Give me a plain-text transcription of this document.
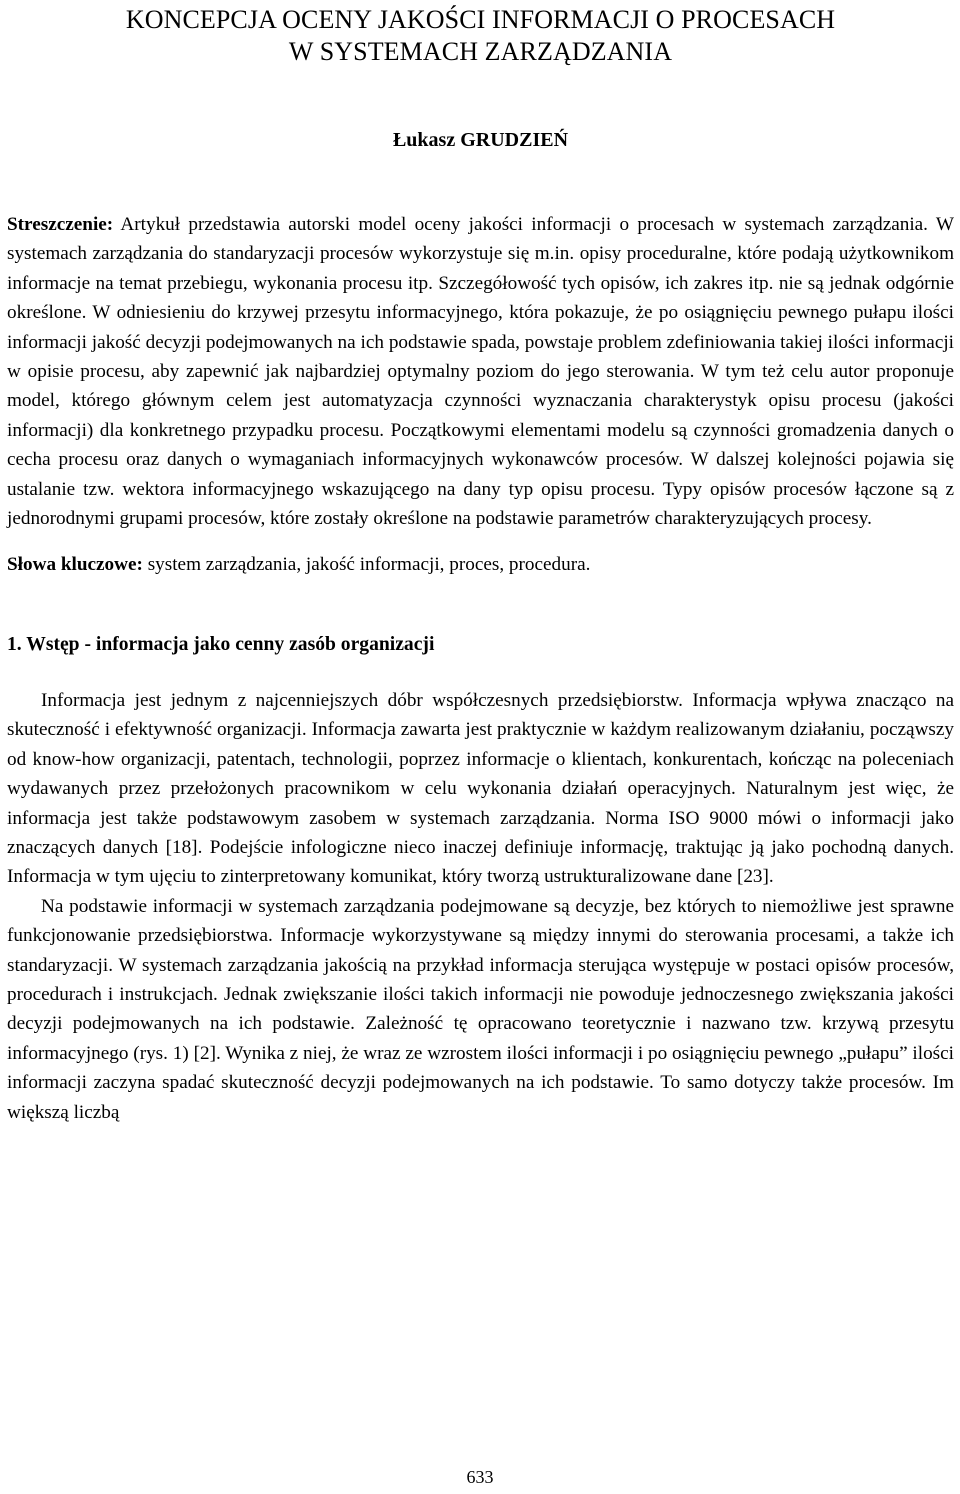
KONCEPCJA OCENY JAKOŚCI INFORMACJI O PROCESACH
W SYSTEMACH ZARZĄDZANIA
Łukasz GRUDZIEŃ
Streszczenie: Artykuł przedstawia autorski model oceny jakości informacji o procesach w systemach zarządzania. W systemach zarządzania do standaryzacji procesów wykorzystuje się m.in. opisy proceduralne, które podają użytkownikom informacje na temat przebiegu, wykonania procesu itp. Szczegółowość tych opisów, ich zakres itp. nie są jednak odgórnie określone. W odniesieniu do krzywej przesytu informacyjnego, która pokazuje, że po osiągnięciu pewnego pułapu ilości informacji jakość decyzji podejmowanych na ich podstawie spada, powstaje problem zdefiniowania takiej ilości informacji w opisie procesu, aby zapewnić jak najbardziej optymalny poziom do jego sterowania. W tym też celu autor proponuje model, którego głównym celem jest automatyzacja czynności wyznaczania charakterystyk opisu procesu (jakości informacji) dla konkretnego przypadku procesu. Początkowymi elementami modelu są czynności gromadzenia danych o cecha procesu oraz danych o wymaganiach informacyjnych wykonawców procesów. W dalszej kolejności pojawia się ustalanie tzw. wektora informacyjnego wskazującego na dany typ opisu procesu. Typy opisów procesów łączone są z jednorodnymi grupami procesów, które zostały określone na podstawie parametrów charakteryzujących procesy.
Słowa kluczowe: system zarządzania, jakość informacji, proces, procedura.
1. Wstęp - informacja jako cenny zasób organizacji

Informacja jest jednym z najcenniejszych dóbr współczesnych przedsiębiorstw. Informacja wpływa znacząco na skuteczność i efektywność organizacji. Informacja zawarta jest praktycznie w każdym realizowanym działaniu, począwszy od know-how organizacji, patentach, technologii, poprzez informacje o klientach, konkurentach, kończąc na poleceniach wydawanych przez przełożonych pracownikom w celu wykonania działań operacyjnych. Naturalnym jest więc, że informacja jest także podstawowym zasobem w systemach zarządzania. Norma ISO 9000 mówi o informacji jako znaczących danych [18]. Podejście infologiczne nieco inaczej definiuje informację, traktując ją jako pochodną danych. Informacja w tym ujęciu to zinterpretowany komunikat, który tworzą ustrukturalizowane dane [23].

Na podstawie informacji w systemach zarządzania podejmowane są decyzje, bez których to niemożliwe jest sprawne funkcjonowanie przedsiębiorstwa. Informacje wykorzystywane są między innymi do sterowania procesami, a także ich standaryzacji. W systemach zarządzania jakością na przykład informacja sterująca występuje w postaci opisów procesów, procedurach i instrukcjach. Jednak zwiększanie ilości takich informacji nie powoduje jednoczesnego zwiększania jakości decyzji podejmowanych na ich podstawie. Zależność tę opracowano teoretycznie i nazwano tzw. krzywą przesytu informacyjnego (rys. 1) [2]. Wynika z niej, że wraz ze wzrostem ilości informacji i po osiągnięciu pewnego „pułapu” ilości informacji zaczyna spadać skuteczność decyzji podejmowanych na ich podstawie. To samo dotyczy także procesów. Im większą liczbą

633
